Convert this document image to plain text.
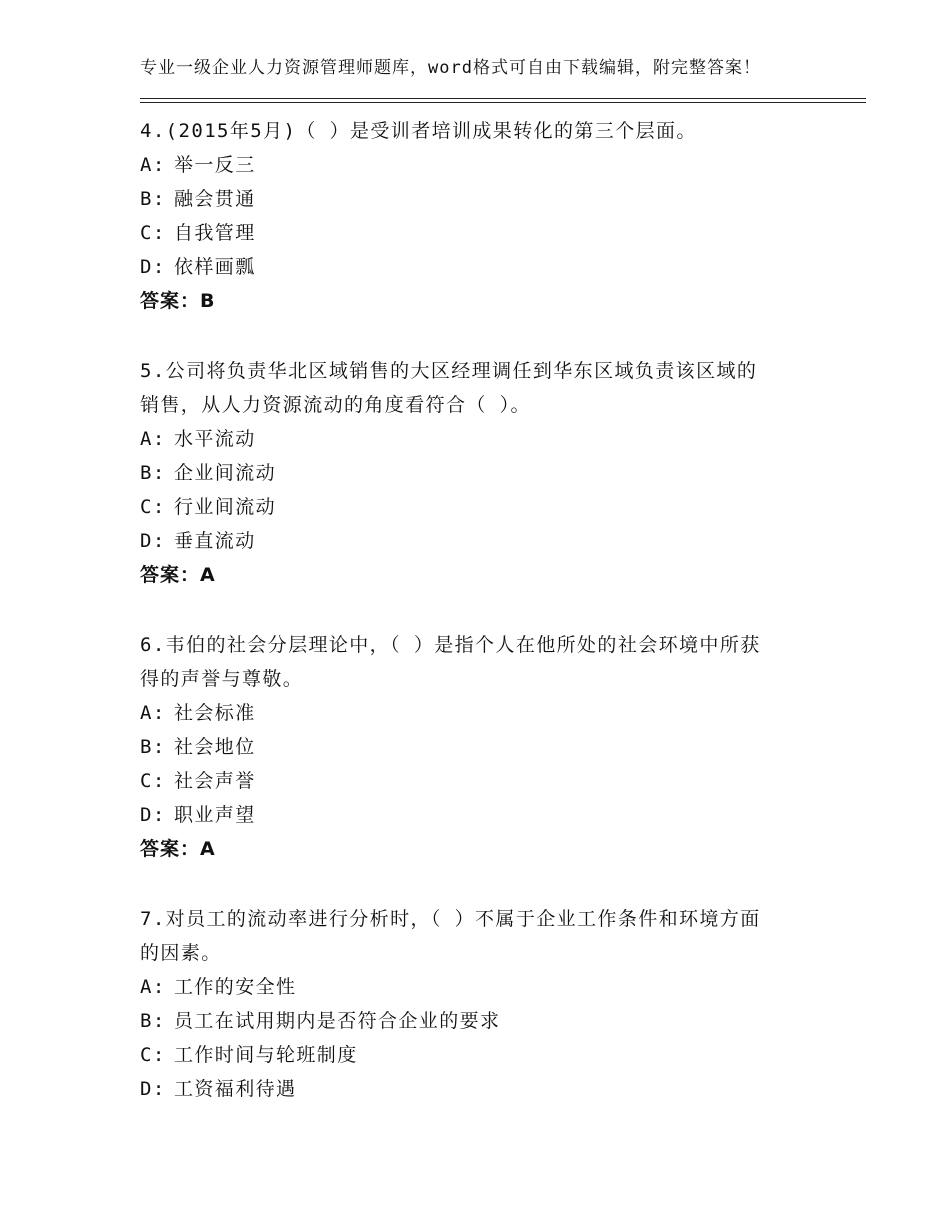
专业一级企业人力资源管理师题库，word格式可自由下载编辑，附完整答案！

4.(2015年5月)（ ）是受训者培训成果转化的第三个层面。

A: 举一反三
B: 融会贯通
C: 自我管理
D: 依样画瓢
答案：B

5.公司将负责华北区域销售的大区经理调任到华东区域负责该区域的
销售，从人力资源流动的角度看符合（ ）。

A: 水平流动
B: 企业间流动
C: 行业间流动
D: 垂直流动
答案：A

6.韦伯的社会分层理论中，（ ）是指个人在他所处的社会环境中所获
得的声誉与尊敬。

A: 社会标准
B: 社会地位
C: 社会声誉
D: 职业声望
答案：A

7.对员工的流动率进行分析时，（ ）不属于企业工作条件和环境方面
的因素。

A: 工作的安全性
B: 员工在试用期内是否符合企业的要求
C: 工作时间与轮班制度
D: 工资福利待遇
